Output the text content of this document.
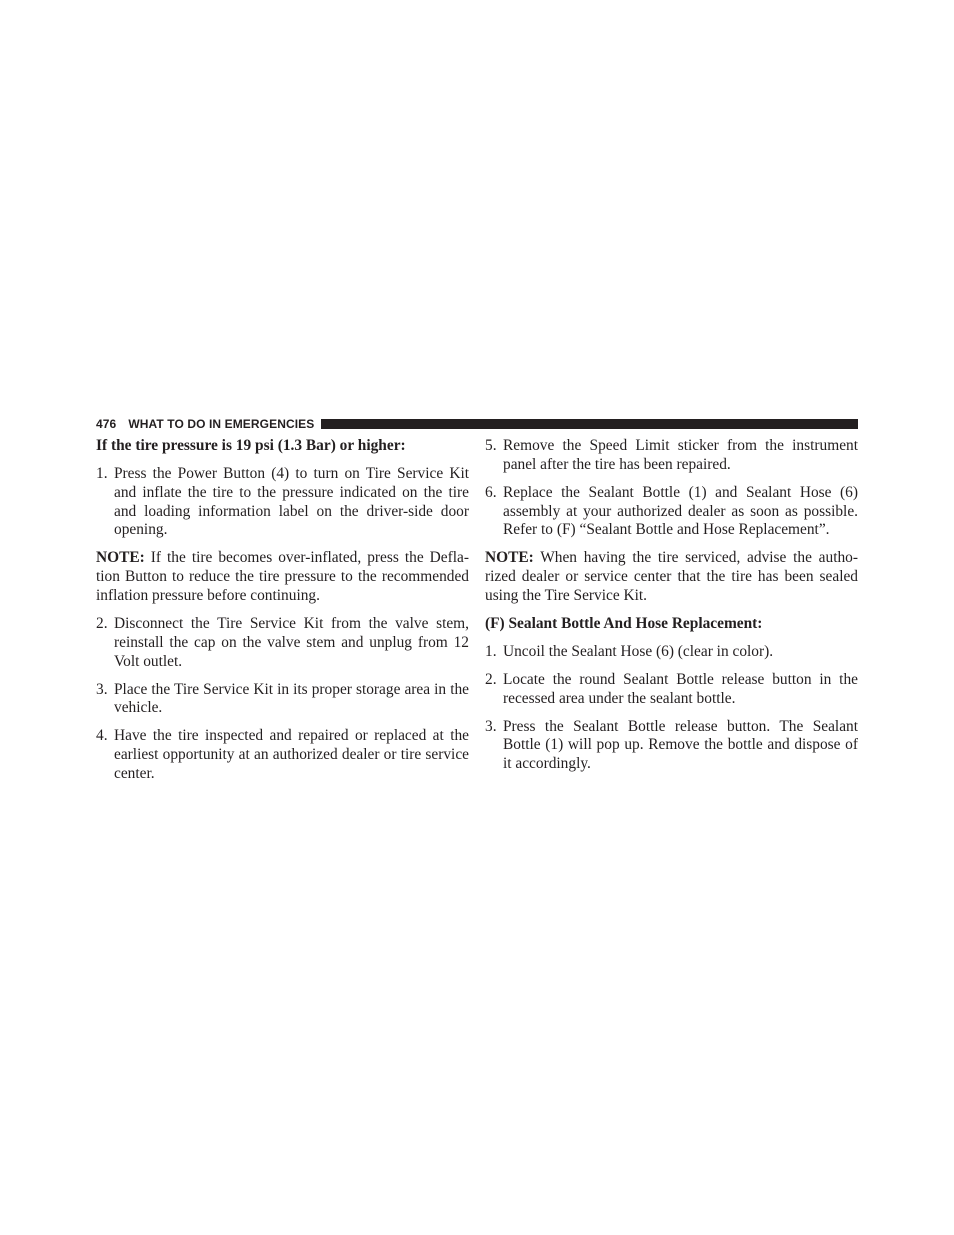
476 WHAT TO DO IN EMERGENCIES

If the tire pressure is 19 psi (1.3 Bar) or higher:

1. Press the Power Button (4) to turn on Tire Service Kit and inflate the tire to the pressure indicated on the tire and loading information label on the driver-side door opening.

NOTE: If the tire becomes over-inflated, press the Deflation Button to reduce the tire pressure to the recommended inflation pressure before continuing.

2. Disconnect the Tire Service Kit from the valve stem, reinstall the cap on the valve stem and unplug from 12 Volt outlet.
3. Place the Tire Service Kit in its proper storage area in the vehicle.
4. Have the tire inspected and repaired or replaced at the earliest opportunity at an authorized dealer or tire service center.
5. Remove the Speed Limit sticker from the instrument panel after the tire has been repaired.
6. Replace the Sealant Bottle (1) and Sealant Hose (6) assembly at your authorized dealer as soon as possible. Refer to (F) “Sealant Bottle and Hose Replacement”.

NOTE: When having the tire serviced, advise the authorized dealer or service center that the tire has been sealed using the Tire Service Kit.

(F) Sealant Bottle And Hose Replacement:

1. Uncoil the Sealant Hose (6) (clear in color).
2. Locate the round Sealant Bottle release button in the recessed area under the sealant bottle.
3. Press the Sealant Bottle release button. The Sealant Bottle (1) will pop up. Remove the bottle and dispose of it accordingly.
